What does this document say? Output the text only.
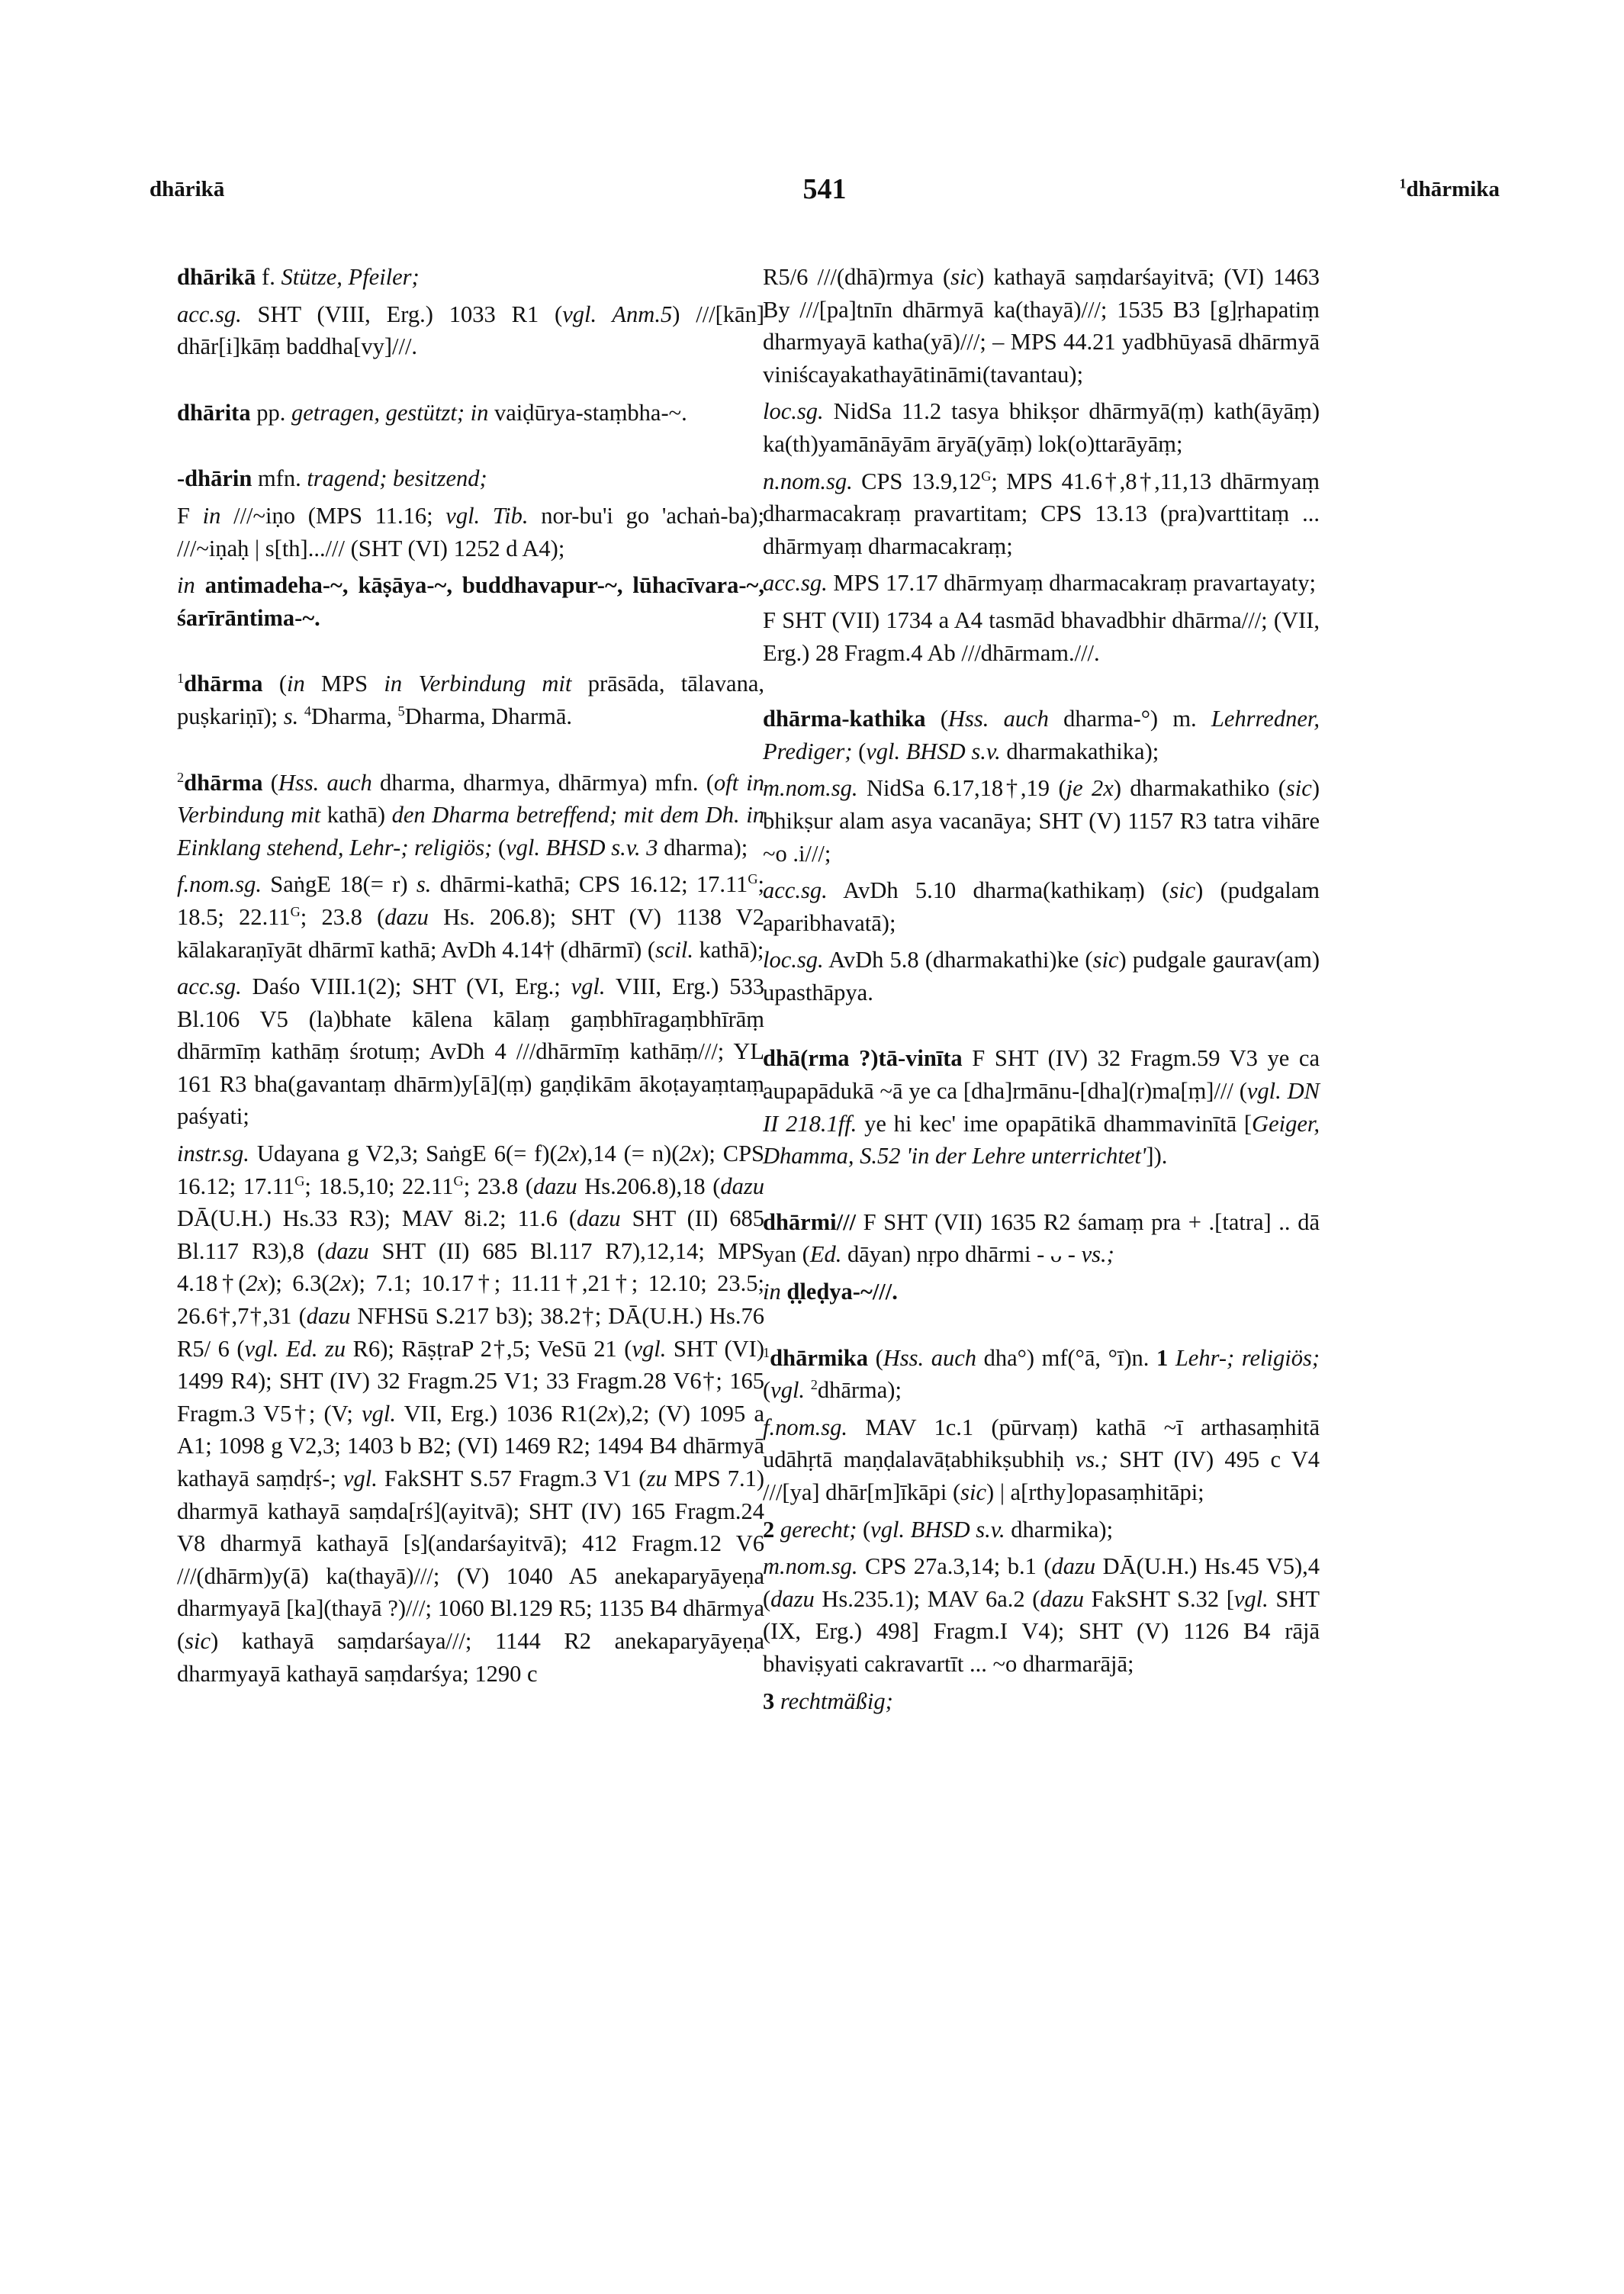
dhārikā	541	$^1$dhārmika

dhārikā f. Stütze, Pfeiler;

acc.sg. SHT (VIII, Erg.) 1033 R1 (vgl. Anm.5) ///[kān] dhār[i]kāṃ baddha[vy]///.

dhārita pp. getragen, gestützt; in vaiḍūrya-staṃbha-~.

-dhārin mfn. tragend; besitzend;

F in ///~iṇo (MPS 11.16; vgl. Tib. nor-bu'i go 'achaṅ-ba); ///~iṇaḥ | s[th].../// (SHT (VI) 1252 d A4);

in antimadeha-~, kāṣāya-~, buddhavapur-~, lūhacīvara-~, śarīrāntima-~.

$^1$dhārma (in MPS in Verbindung mit prāsāda, tālavana, puṣkariṇī); s. $^4$Dharma, $^5$Dharma, Dharmā.

$^2$dhārma (Hss. auch dharma, dharmya, dhārmya) mfn. (oft in Verbindung mit kathā) den Dharma betreffend; mit dem Dh. in Einklang stehend, Lehr-; religiös; (vgl. BHSD s.v. 3 dharma);

f.nom.sg. SaṅgE 18(= r) s. dhārmi-kathā; CPS 16.12; $17.11^G$; 18.5; $22.11^G$; 23.8 (dazu Hs. 206.8); SHT (V) 1138 V2 kālakaraṇīyāt dhārmī kathā; AvDh 4.14† (dhārmī) (scil. kathā);

acc.sg. Daśo VIII.1(2); SHT (VI, Erg.; vgl. VIII, Erg.) 533 Bl.106 V5 (la)bhate kālena kālaṃ gaṃbhīragaṃbhīrāṃ dhārmīṃ kathāṃ śrotuṃ; AvDh 4 ///dhārmīṃ kathāṃ///; YL 161 R3 bha(gavantaṃ dhārm)y[ā](ṃ) gaṇḍikām ākoṭayaṃtaṃ paśyati;

instr.sg. Udayana g V2,3; SaṅgE 6(= f)(2x),14 (= n)(2x); CPS 16.12; $17.11^G$; 18.5,10; $22.11^G$; 23.8 (dazu Hs.206.8),18 (dazu DĀ(U.H.) Hs.33 R3); MAV 8i.2; 11.6 (dazu SHT (II) 685 Bl.117 R3),8 (dazu SHT (II) 685 Bl.117 R7),12,14; MPS 4.18†(2x); 6.3(2x); 7.1; 10.17†; 11.11†,21†; 12.10; 23.5; 26.6†,7†,31 (dazu NFHSū S.217 b3); 38.2†; DĀ(U.H.) Hs.76 R5/ 6 (vgl. Ed. zu R6); RāṣṭraP 2†,5; VeSū 21 (vgl. SHT (VI) 1499 R4); SHT (IV) 32 Fragm.25 V1; 33 Fragm.28 V6†; 165 Fragm.3 V5†; (V; vgl. VII, Erg.) 1036 R1(2x),2; (V) 1095 a A1; 1098 g V2,3; 1403 b B2; (VI) 1469 R2; 1494 B4 dhārmyā kathayā saṃdṛś-; vgl. FakSHT S.57 Fragm.3 V1 (zu MPS 7.1) dharmyā kathayā saṃda[rś](ayitvā); SHT (IV) 165 Fragm.24 V8 dharmyā kathayā [s](andarśayitvā); 412 Fragm.12 V6 ///(dhārm)y(ā) ka(thayā)///; (V) 1040 A5 anekaparyāyeṇa dharmyayā [ka](thayā ?)///; 1060 Bl.129 R5; 1135 B4 dhārmya (sic) kathayā saṃdarśaya///; 1144 R2 anekaparyāyeṇa dharmyayā kathayā saṃdarśya; 1290 c

R5/6 ///(dhā)rmya (sic) kathayā saṃdarśayitvā; (VI) 1463 By ///[pa]tnīn dhārmyā ka(thayā)///; 1535 B3 [g]ṛhapatiṃ dharmyayā katha(yā)///; – MPS 44.21 yadbhūyasā dhārmyā viniścayakathayātināmi(tavantau);

loc.sg. NidSa 11.2 tasya bhikṣor dhārmyā(ṃ) kath(āyāṃ) ka(th)yamānāyām āryā(yāṃ) lok(o)ttarāyāṃ;

n.nom.sg. CPS $13.9,12^G$; MPS 41.6†,8†,11,13 dhārmyaṃ dharmacakraṃ pravartitam; CPS 13.13 (pra)varttitaṃ ... dhārmyaṃ dharmacakraṃ;

acc.sg. MPS 17.17 dhārmyaṃ dharmacakraṃ pravartayaty;

F SHT (VII) 1734 a A4 tasmād bhavadbhir dhārma///; (VII, Erg.) 28 Fragm.4 Ab ///dhārmam.///.

dhārma-kathika (Hss. auch dharma-°) m. Lehrredner, Prediger; (vgl. BHSD s.v. dharmakathika);

m.nom.sg. NidSa 6.17,18†,19 (je 2x) dharmakathiko (sic) bhikṣur alam asya vacanāya; SHT (V) 1157 R3 tatra vihāre ~o .i///;

acc.sg. AvDh 5.10 dharma(kathikaṃ) (sic) (pudgalam aparibhavatā);

loc.sg. AvDh 5.8 (dharmakathi)ke (sic) pudgale gaurav(am) upasthāpya.

dhā(rma ?)tā-vinīta F SHT (IV) 32 Fragm.59 V3 ye ca aupapādukā ~ā ye ca [dha]rmānu-[dha](r)ma[ṃ]/// (vgl. DN II 218.1ff. ye hi kec' ime opapātikā dhammavinītā [Geiger, Dhamma, S.52 'in der Lehre unterrichtet']).

dhārmi/// F SHT (VII) 1635 R2 śamaṃ pra + .[tatra] .. dā yan (Ed. dāyan) nṛpo dhārmi - ᴗ - vs.;

in ḍ̣leḍya-~///.

$^1$dhārmika (Hss. auch dha°) mf(°ā, °ī)n. 1 Lehr-; religiös; (vgl. $^2$dhārma);

f.nom.sg. MAV 1c.1 (pūrvaṃ) kathā ~ī arthasaṃhitā udāhṛtā maṇḍalavāṭabhikṣubhiḥ vs.; SHT (IV) 495 c V4 ///[ya] dhār[m]īkāpi (sic) | a[rthy]opasaṃhitāpi;

2 gerecht; (vgl. BHSD s.v. dharmika);

m.nom.sg. CPS 27a.3,14; b.1 (dazu DĀ(U.H.) Hs.45 V5),4 (dazu Hs.235.1); MAV 6a.2 (dazu FakSHT S.32 [vgl. SHT (IX, Erg.) 498] Fragm.I V4); SHT (V) 1126 B4 rājā bhaviṣyati cakravartīt ... ~o dharmarājā;

3 rechtmäßig;
